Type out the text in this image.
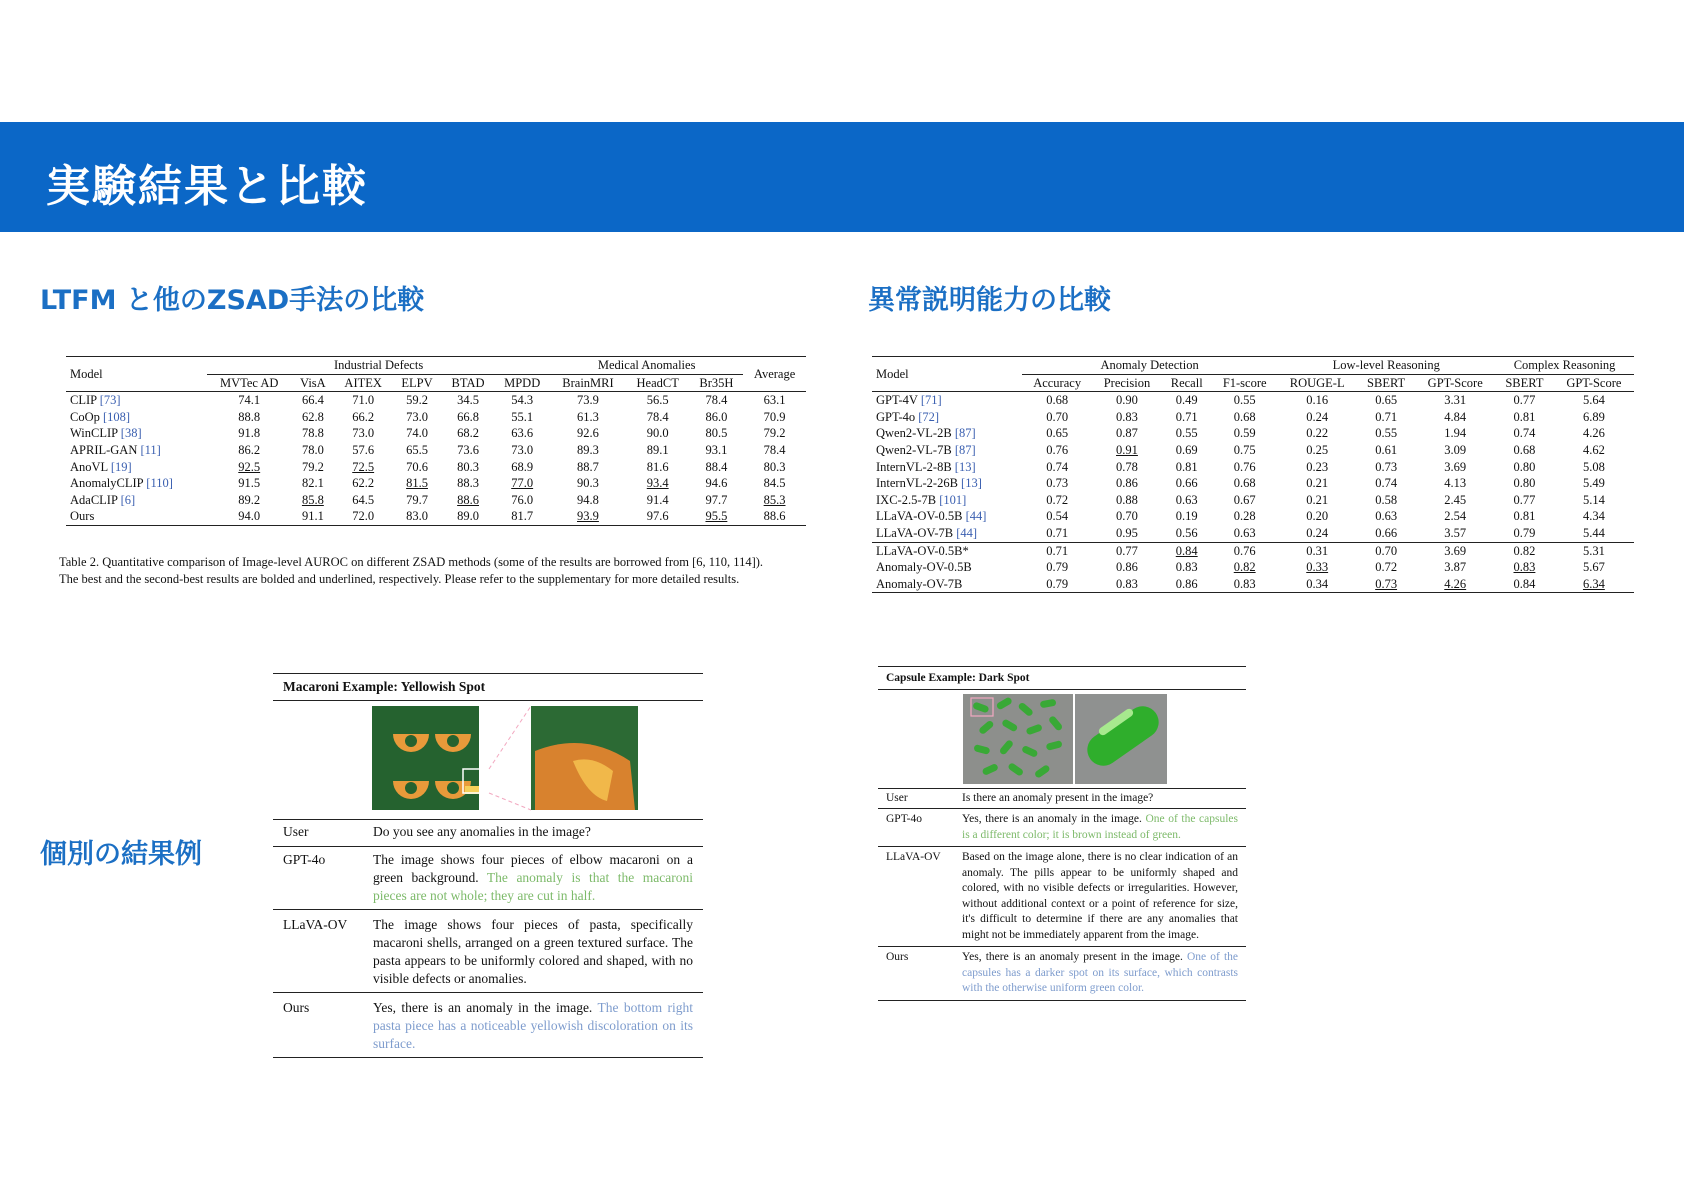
実験結果と比較
LTFM と他のZSAD手法の比較	異常説明能力の比較
個別の結果例
Model	Industrial Defects						Medical Anomalies			Average
	MVTec AD	VisA	AITEX	ELPV	BTAD	MPDD	BrainMRI	HeadCT	Br35H	
CLIP [73]	74.1	66.4	71.0	59.2	34.5	54.3	73.9	56.5	78.4	63.1
CoOp [108]	88.8	62.8	66.2	73.0	66.8	55.1	61.3	78.4	86.0	70.9
WinCLIP [38]	91.8	78.8	73.0	74.0	68.2	63.6	92.6	90.0	80.5	79.2
APRIL-GAN [11]	86.2	78.0	57.6	65.5	73.6	73.0	89.3	89.1	93.1	78.4
AnoVL [19]	92.5	79.2	72.5	70.6	80.3	68.9	88.7	81.6	88.4	80.3
AnomalyCLIP [110]	91.5	82.1	62.2	81.5	88.3	77.0	90.3	93.4	94.6	84.5
AdaCLIP [6]	89.2	85.8	64.5	79.7	88.6	76.0	94.8	91.4	97.7	85.3
Ours	94.0	91.1	72.0	83.0	89.0	81.7	93.9	97.6	95.5	88.6
Table 2. Quantitative comparison of Image-level AUROC on different ZSAD methods (some of the results are borrowed from [6, 110, 114]).
The best and the second-best results are bolded and underlined, respectively. Please refer to the supplementary for more detailed results.
Model	Anomaly Detection				Low-level Reasoning			Complex Reasoning	
	Accuracy	Precision	Recall	F1-score	ROUGE-L	SBERT	GPT-Score	SBERT	GPT-Score
GPT-4V [71]	0.68	0.90	0.49	0.55	0.16	0.65	3.31	0.77	5.64
GPT-4o [72]	0.70	0.83	0.71	0.68	0.24	0.71	4.84	0.81	6.89
Qwen2-VL-2B [87]	0.65	0.87	0.55	0.59	0.22	0.55	1.94	0.74	4.26
Qwen2-VL-7B [87]	0.76	0.91	0.69	0.75	0.25	0.61	3.09	0.68	4.62
InternVL-2-8B [13]	0.74	0.78	0.81	0.76	0.23	0.73	3.69	0.80	5.08
InternVL-2-26B [13]	0.73	0.86	0.66	0.68	0.21	0.74	4.13	0.80	5.49
IXC-2.5-7B [101]	0.72	0.88	0.63	0.67	0.21	0.58	2.45	0.77	5.14
LLaVA-OV-0.5B [44]	0.54	0.70	0.19	0.28	0.20	0.63	2.54	0.81	4.34
LLaVA-OV-7B [44]	0.71	0.95	0.56	0.63	0.24	0.66	3.57	0.79	5.44
LLaVA-OV-0.5B*	0.71	0.77	0.84	0.76	0.31	0.70	3.69	0.82	5.31
Anomaly-OV-0.5B	0.79	0.86	0.83	0.82	0.33	0.72	3.87	0.83	5.67
Anomaly-OV-7B	0.79	0.83	0.86	0.83	0.34	0.73	4.26	0.84	6.34
Macaroni Example: Yellowish Spot
User	Do you see any anomalies in the image?
GPT-4o	The image shows four pieces of elbow macaroni on a green background. The anomaly is that the macaroni pieces are not whole; they are cut in half.
LLaVA-OV	The image shows four pieces of pasta, specifically macaroni shells, arranged on a green textured surface. The pasta appears to be uniformly colored and shaped, with no visible defects or anomalies.
Ours	Yes, there is an anomaly in the image. The bottom right pasta piece has a noticeable yellowish discoloration on its surface.
Capsule Example: Dark Spot
User	Is there an anomaly present in the image?
GPT-4o	Yes, there is an anomaly in the image. One of the capsules is a different color; it is brown instead of green.
LLaVA-OV	Based on the image alone, there is no clear indication of an anomaly. The pills appear to be uniformly shaped and colored, with no visible defects or irregularities. However, without additional context or a point of reference for size, it's difficult to determine if there are any anomalies that might not be immediately apparent from the image.
Ours	Yes, there is an anomaly present in the image. One of the capsules has a darker spot on its surface, which contrasts with the otherwise uniform green color.
